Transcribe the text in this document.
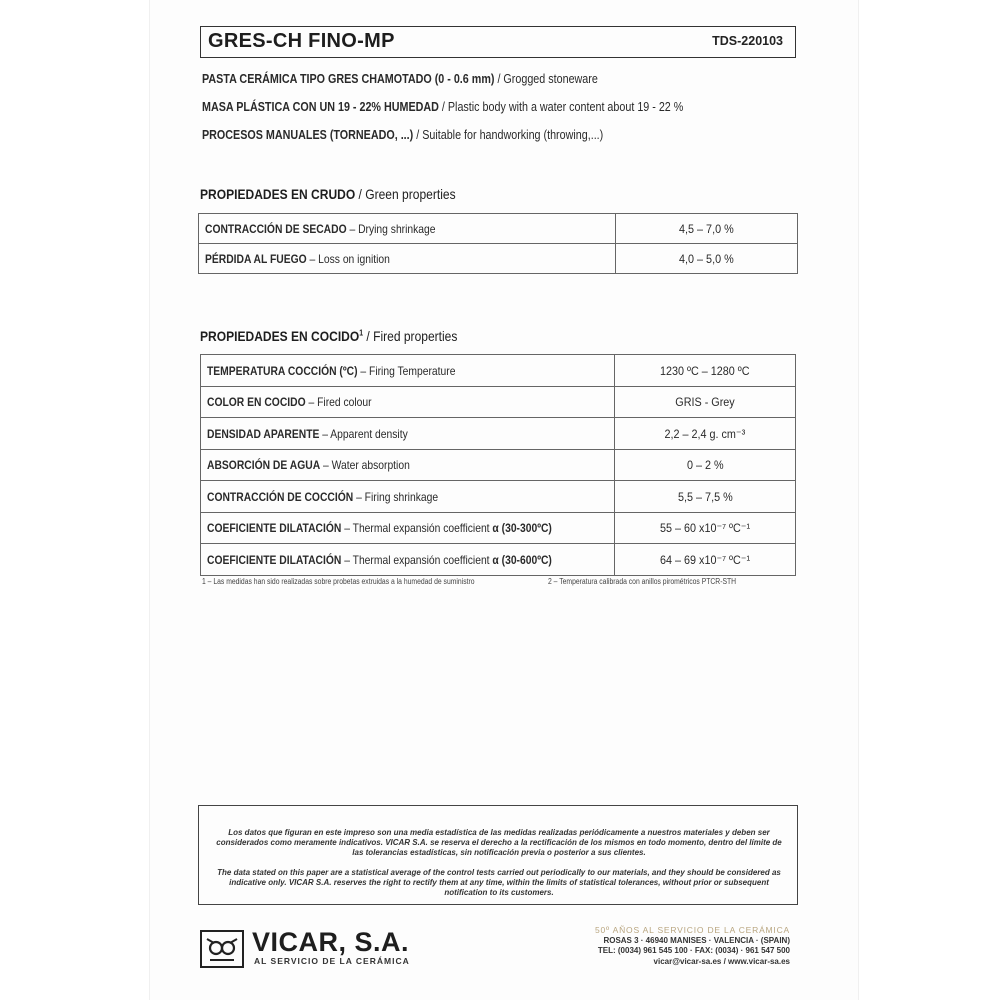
GRES-CH FINO-MP	TDS-220103
PASTA CERÁMICA TIPO GRES CHAMOTADO (0 - 0.6 mm) / Grogged stoneware
MASA PLÁSTICA CON UN 19 - 22% HUMEDAD / Plastic body with a water content about 19 - 22 %
PROCESOS MANUALES (TORNEADO, ...) / Suitable for handworking (throwing,...)
PROPIEDADES EN CRUDO / Green properties
CONTRACCIÓN DE SECADO – Drying shrinkage	4,5 – 7,0 %
PÉRDIDA AL FUEGO – Loss on ignition	4,0 – 5,0 %
PROPIEDADES EN COCIDO$^1$ / Fired properties
TEMPERATURA COCCIÓN (ºC) – Firing Temperature	1230 ºC – 1280 ºC
COLOR EN COCIDO – Fired colour	GRIS - Grey
DENSIDAD APARENTE – Apparent density	2,2 – 2,4 g. cm⁻³
ABSORCIÓN DE AGUA – Water absorption	0 – 2 %
CONTRACCIÓN DE COCCIÓN – Firing shrinkage	5,5 – 7,5 %
COEFICIENTE DILATACIÓN – Thermal expansión coefficient α (30-300ºC)	55 – 60 x10⁻⁷ ºC⁻¹
COEFICIENTE DILATACIÓN – Thermal expansión coefficient α (30-600ºC)	64 – 69 x10⁻⁷ ºC⁻¹
1 – Las medidas han sido realizadas sobre probetas extruidas a la humedad de suministro	2 – Temperatura calibrada con anillos pirométricos PTCR-STH
Los datos que figuran en este impreso son una media estadística de las medidas realizadas periódicamente a nuestros materiales y deben ser considerados como meramente indicativos. VICAR S.A. se reserva el derecho a la rectificación de los mismos en todo momento, dentro del límite de las tolerancias estadísticas, sin notificación previa o posterior a sus clientes.
The data stated on this paper are a statistical average of the control tests carried out periodically to our materials, and they should be considered as indicative only. VICAR S.A. reserves the right to rectify them at any time, within the limits of statistical tolerances, without prior or subsequent notification to its customers.
VICAR, S.A.
AL SERVICIO DE LA CERÁMICA
50º AÑOS AL SERVICIO DE LA CERÁMICA
ROSAS 3 · 46940 MANISES · VALENCIA · (SPAIN)
TEL: (0034) 961 545 100 · FAX: (0034) · 961 547 500
vicar@vicar-sa.es / www.vicar-sa.es
